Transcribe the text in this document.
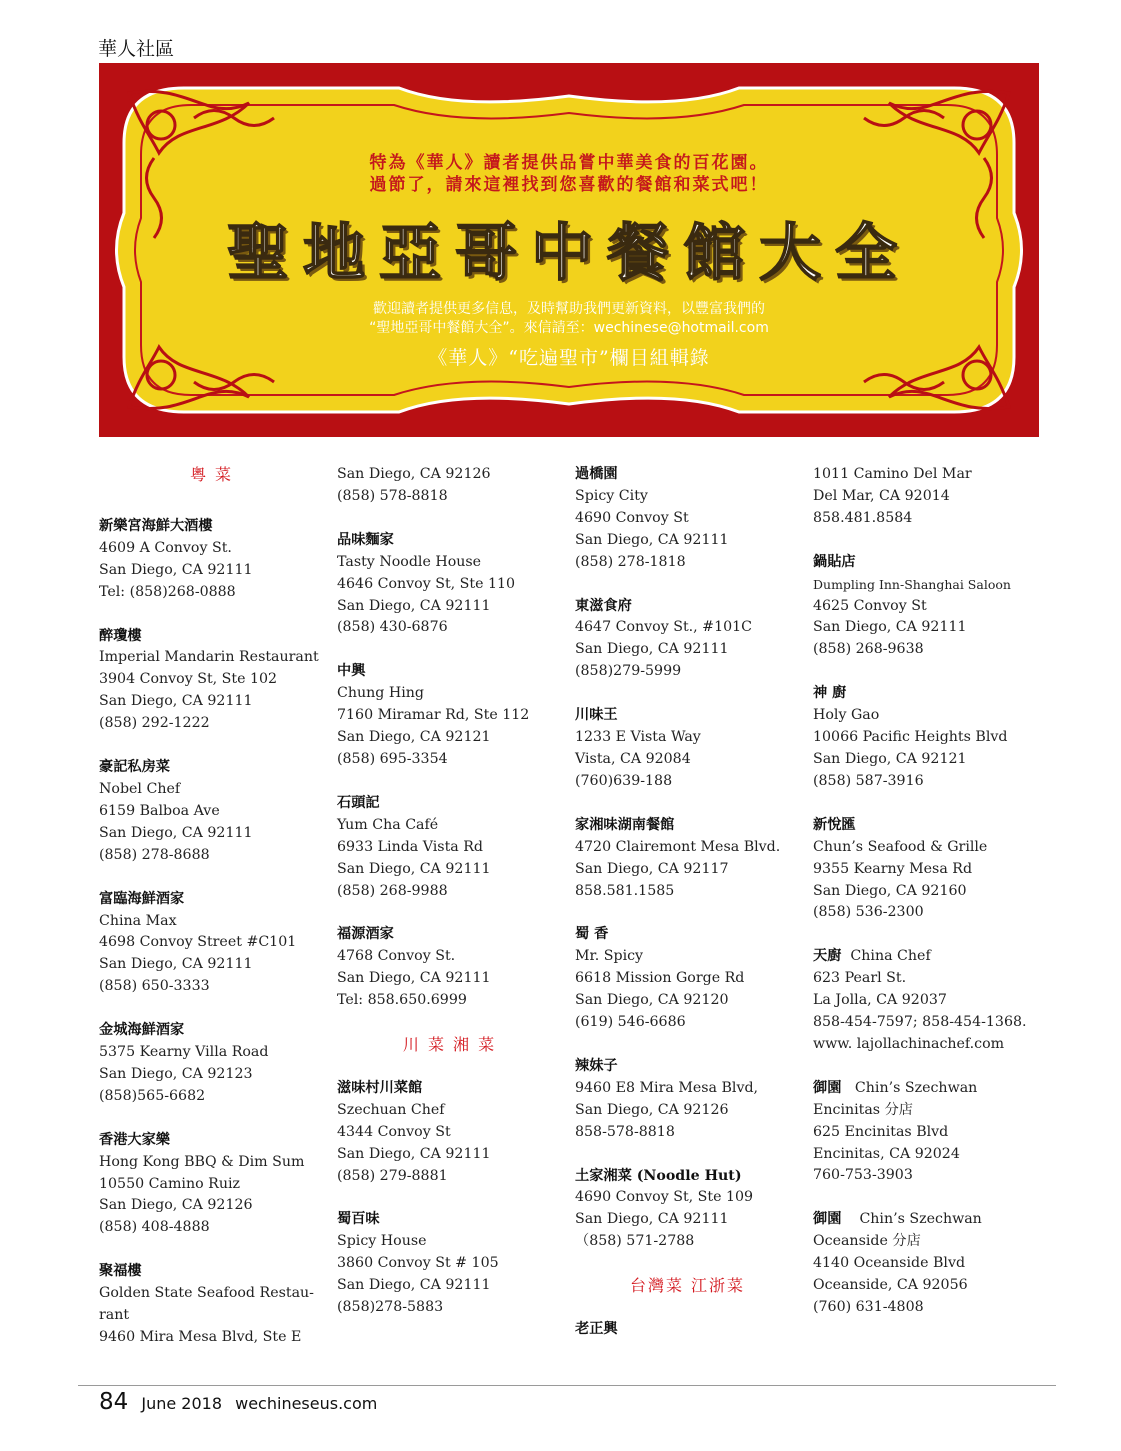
華人社區
特為《華人》讀者提供品嘗中華美食的百花園。
過節了，請來這裡找到您喜歡的餐館和菜式吧！
聖地亞哥中餐館大全
歡迎讀者提供更多信息，及時幫助我們更新資料，以豐富我們的
“聖地亞哥中餐館大全”。來信請至：wechinese@hotmail.com
《華人》“吃遍聖市”欄目組輯錄
粵 菜
新樂宮海鮮大酒樓
4609 A Convoy St.
San Diego, CA 92111
Tel: (858)268-0888
醉瓊樓
Imperial Mandarin Restaurant
3904 Convoy St, Ste 102
San Diego, CA 92111
(858) 292-1222
豪記私房菜
Nobel Chef
6159 Balboa Ave
San Diego, CA 92111
(858) 278-8688
富臨海鮮酒家
China Max
4698 Convoy Street #C101
San Diego, CA 92111
(858) 650-3333
金城海鮮酒家
5375 Kearny Villa Road
San Diego, CA 92123
(858)565-6682
香港大家樂
Hong Kong BBQ & Dim Sum
10550 Camino Ruiz
San Diego, CA 92126
(858) 408-4888
聚福樓
Golden State Seafood Restau-
rant
9460 Mira Mesa Blvd, Ste E
San Diego, CA 92126
(858) 578-8818
品味麵家
Tasty Noodle House
4646 Convoy St, Ste 110
San Diego, CA 92111
(858) 430-6876
中興
Chung Hing
7160 Miramar Rd, Ste 112
San Diego, CA 92121
(858) 695-3354
石頭記
Yum Cha Café
6933 Linda Vista Rd
San Diego, CA 92111
(858) 268-9988
福源酒家
4768 Convoy St.
San Diego, CA 92111
Tel: 858.650.6999
川 菜 湘 菜
滋味村川菜館
Szechuan Chef
4344 Convoy St
San Diego, CA 92111
(858) 279-8881
蜀百味
Spicy House
3860 Convoy St # 105
San Diego, CA 92111
(858)278-5883
過橋園
Spicy City
4690 Convoy St
San Diego, CA 92111
(858) 278-1818
東滋食府
4647 Convoy St., #101C
San Diego, CA 92111
(858)279-5999
川味王
1233 E Vista Way
Vista, CA 92084
(760)639-188
家湘味湖南餐館
4720 Clairemont Mesa Blvd.
San Diego, CA 92117
858.581.1585
蜀 香
Mr. Spicy
6618 Mission Gorge Rd
San Diego, CA 92120
(619) 546-6686
辣妹子
9460 E8 Mira Mesa Blvd,
San Diego, CA 92126
858-578-8818
土家湘菜 (Noodle Hut)
4690 Convoy St, Ste 109
San Diego, CA 92111
（858) 571-2788
台灣菜 江浙菜
老正興
1011 Camino Del Mar
Del Mar, CA 92014
858.481.8584
鍋貼店
Dumpling Inn-Shanghai Saloon
4625 Convoy St
San Diego, CA 92111
(858) 268-9638
神 廚
Holy Gao
10066 Pacific Heights Blvd
San Diego, CA 92121
(858) 587-3916
新悅匯
Chun’s Seafood & Grille
9355 Kearny Mesa Rd
San Diego, CA 92160
(858) 536-2300
天廚 China Chef
623 Pearl St.
La Jolla, CA 92037
858-454-7597; 858-454-1368.
www. lajollachinachef.com
御園 Chin’s Szechwan
Encinitas 分店
625 Encinitas Blvd
Encinitas, CA 92024
760-753-3903
御園 Chin’s Szechwan
Oceanside 分店
4140 Oceanside Blvd
Oceanside, CA 92056
(760) 631-4808
84 June 2018 wechineseus.com
